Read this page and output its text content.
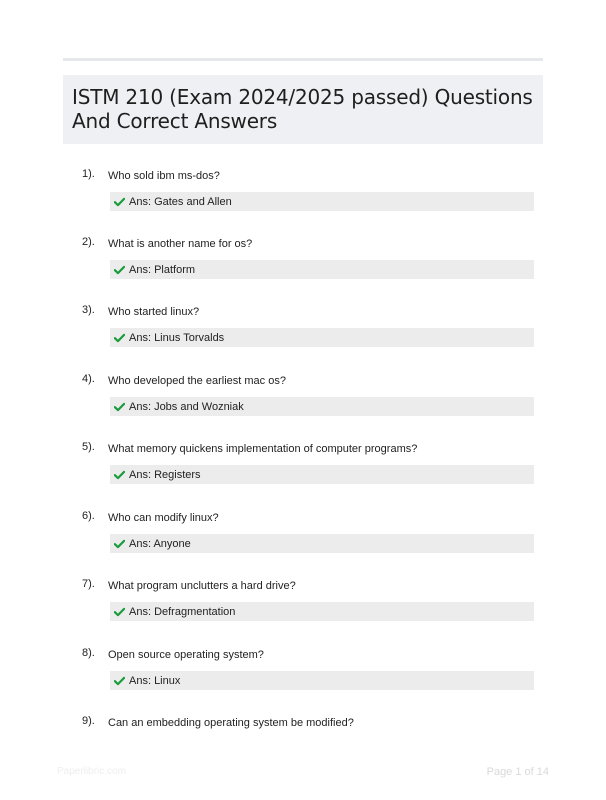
ISTM 210 (Exam 2024/2025 passed) Questions And Correct Answers
1). Who sold ibm ms-dos?
Ans: Gates and Allen
2). What is another name for os?
Ans: Platform
3). Who started linux?
Ans: Linus Torvalds
4). Who developed the earliest mac os?
Ans: Jobs and Wozniak
5). What memory quickens implementation of computer programs?
Ans: Registers
6). Who can modify linux?
Ans: Anyone
7). What program unclutters a hard drive?
Ans: Defragmentation
8). Open source operating system?
Ans: Linux
9). Can an embedding operating system be modified?
Paperlibric.com	Page 1 of 14
